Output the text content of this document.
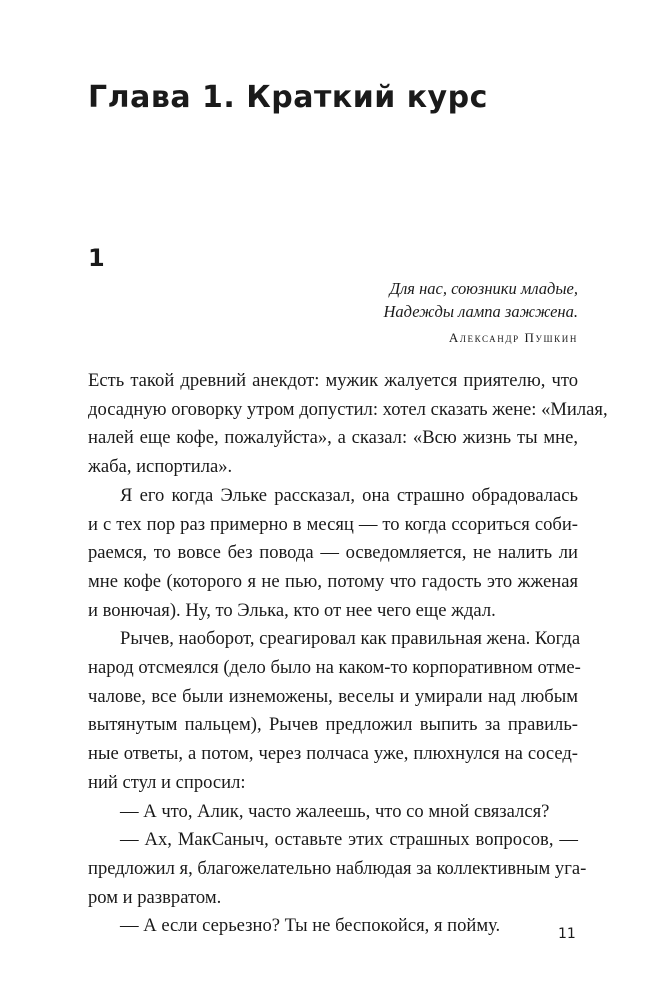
Глава 1. Краткий курс
1
Для нас, союзники младые,
Надежды лампа зажжена.
Александр Пушкин
Есть такой древний анекдот: мужик жалуется приятелю, что
досадную оговорку утром допустил: хотел сказать жене: «Милая,
налей еще кофе, пожалуйста», а сказал: «Всю жизнь ты мне,
жаба, испортила».
Я его когда Эльке рассказал, она страшно обрадовалась
и с тех пор раз примерно в месяц — то когда ссориться соби-
раемся, то вовсе без повода — осведомляется, не налить ли
мне кофе (которого я не пью, потому что гадость это жженая
и вонючая). Ну, то Элька, кто от нее чего еще ждал.
Рычев, наоборот, среагировал как правильная жена. Когда
народ отсмеялся (дело было на каком-то корпоративном отме-
чалове, все были изнеможены, веселы и умирали над любым
вытянутым пальцем), Рычев предложил выпить за правиль-
ные ответы, а потом, через полчаса уже, плюхнулся на сосед-
ний стул и спросил:
— А что, Алик, часто жалеешь, что со мной связался?
— Ах, МакСаныч, оставьте этих страшных вопросов, —
предложил я, благожелательно наблюдая за коллективным уга-
ром и развратом.
— А если серьезно? Ты не беспокойся, я пойму.	11
